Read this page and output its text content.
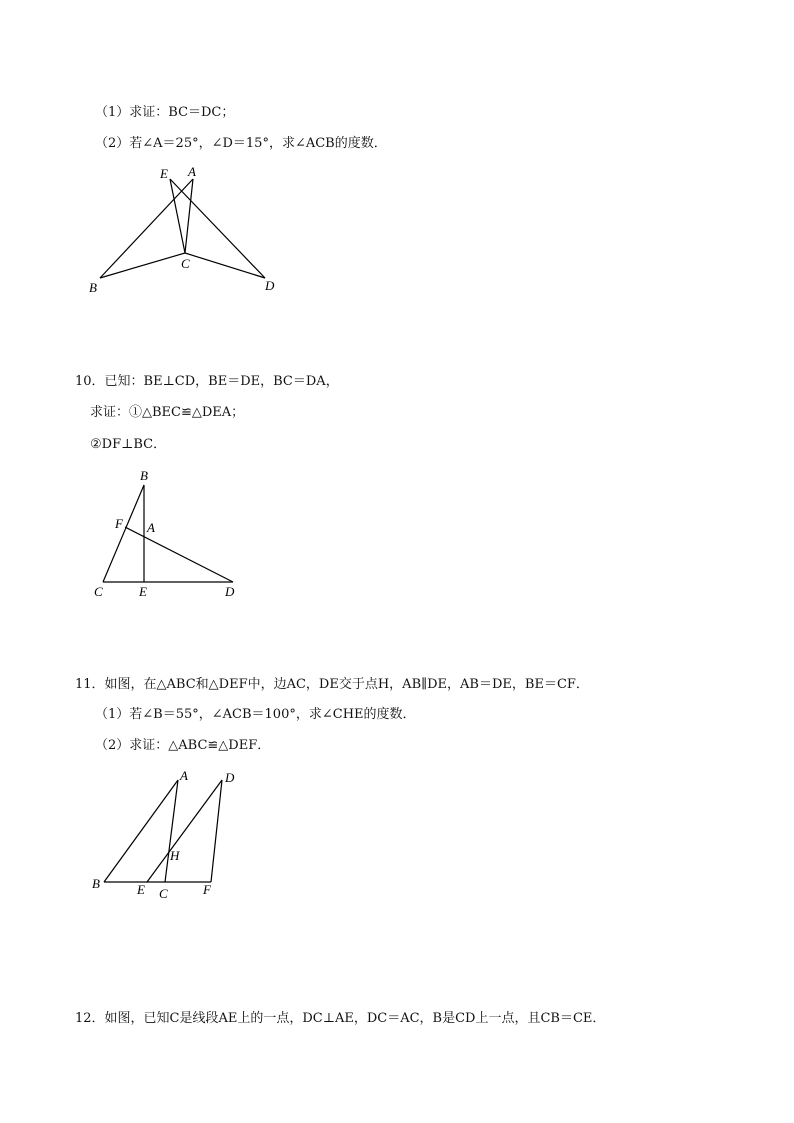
（1）求证：BC＝DC；
（2）若∠A＝25°，∠D＝15°，求∠ACB的度数．
E A
B
C
D
10．已知：BE⊥CD，BE＝DE，BC＝DA，
求证：①△BEC≌△DEA；
②DF⊥BC．
B
F A
C	E	D
11．如图，在△ABC和△DEF中，边AC，DE交于点H，AB∥DE，AB＝DE，BE＝CF．
（1）若∠B＝55°，∠ACB＝100°，求∠CHE的度数．
（2）求证：△ABC≌△DEF．
A	D
H
B	E C	F
12．如图，已知C是线段AE上的一点，DC⊥AE，DC＝AC，B是CD上一点，且CB＝CE．
